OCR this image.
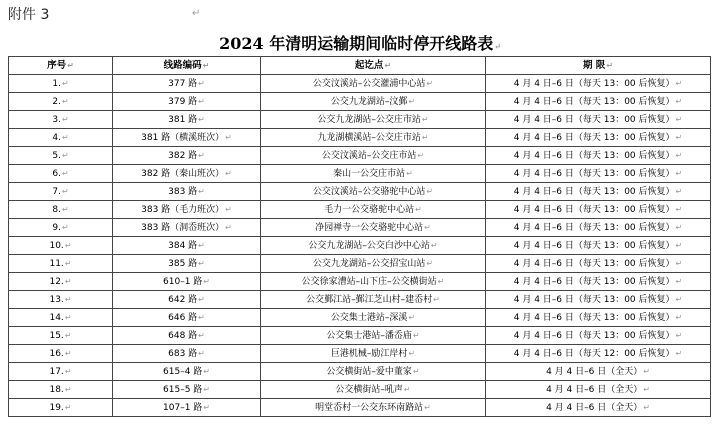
附件 3	↵
2024 年清明运输期间临时停开线路表↵
序号↵	线路编码↵	起讫点↵	期 限↵
1.↵	377 路↵	公交汶溪站–公交灌浦中心站↵	4 月 4 日–6 日（每天 13：00 后恢复）↵
2.↵	379 路↵	公交九龙湖站–汶鄞↵	4 月 4 日–6 日（每天 13：00 后恢复）↵
3.↵	381 路↵	公交九龙湖站–公交庄市站↵	4 月 4 日–6 日（每天 13：00 后恢复）↵
4.↵	381 路（横溪班次）↵	九龙湖横溪站–公交庄市站↵	4 月 4 日–6 日（每天 13：00 后恢复）↵
5.↵	382 路↵	公交汶溪站–公交庄市站↵	4 月 4 日–6 日（每天 13：00 后恢复）↵
6.↵	382 路（秦山班次）↵	秦山一公交庄市站↵	4 月 4 日–6 日（每天 13：00 后恢复）↵
7.↵	383 路↵	公交汶溪站–公交骆驼中心站↵	4 月 4 日–6 日（每天 13：00 后恢复）↵
8.↵	383 路（毛力班次）↵	毛力一公交骆驼中心站↵	4 月 4 日–6 日（每天 13：00 后恢复）↵
9.↵	383 路（洞岙班次）↵	净园禅寺一公交骆驼中心站↵	4 月 4 日–6 日（每天 13：00 后恢复）↵
10.↵	384 路↵	公交九龙湖站–公交白沙中心站↵	4 月 4 日–6 日（每天 13：00 后恢复）↵
11.↵	385 路↵	公交九龙湖站–公交招宝山站↵	4 月 4 日–6 日（每天 13：00 后恢复）↵
12.↵	610–1 路↵	公交徐家漕站–山下庄–公交横街站↵	4 月 4 日–6 日（每天 13：00 后恢复）↵
13.↵	642 路↵	公交鄞江站–鄞江芝山村–建岙村↵	4 月 4 日–6 日（每天 13：00 后恢复）↵
14.↵	646 路↵	公交集士港站–深溪↵	4 月 4 日–6 日（每天 13：00 后恢复）↵
15.↵	648 路↵	公交集士港站–潘岙庙↵	4 月 4 日–6 日（每天 13：00 后恢复）↵
16.↵	683 路↵	巨港机械–励江岸村↵	4 月 4 日–6 日（每天 12：00 后恢复）↵
17.↵	615–4 路↵	公交横街站–爱中董家↵	4 月 4 日–6 日（全天）↵
18.↵	615–5 路↵	公交横街站–吼声↵	4 月 4 日–6 日（全天）↵
19.↵	107–1 路↵	明堂岙村一公交东环南路站↵	4 月 4 日–6 日（全天）↵
